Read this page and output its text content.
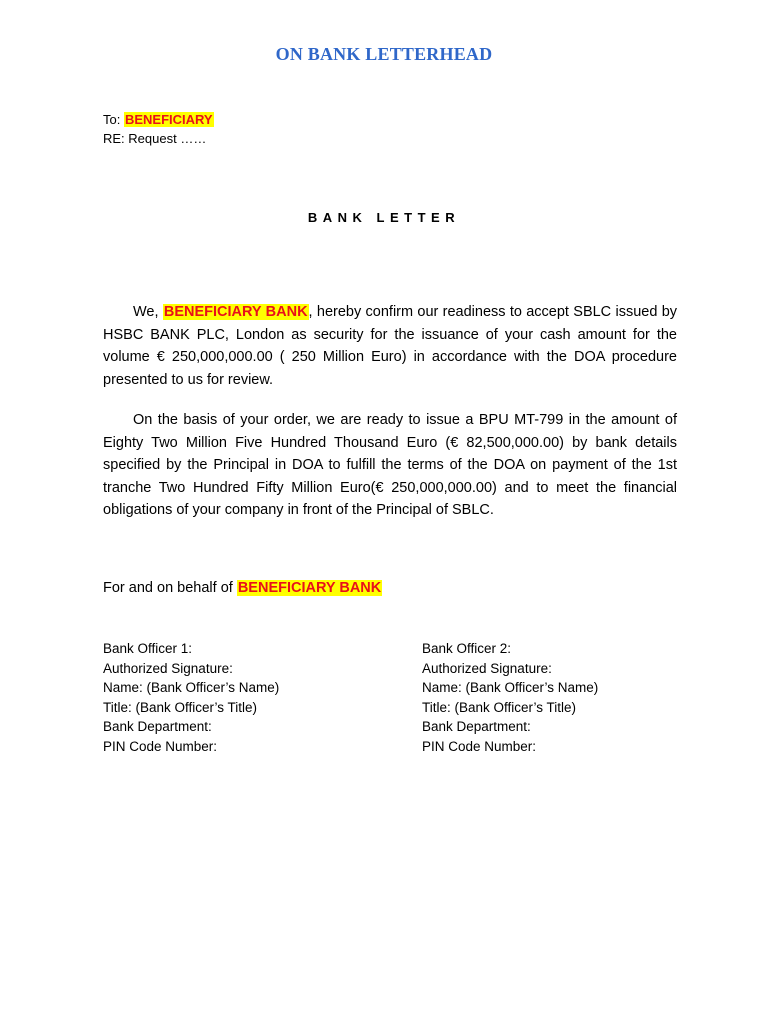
ON BANK LETTERHEAD
To: BENEFICIARY
RE: Request ……
BANK LETTER

We, BENEFICIARY BANK, hereby confirm our readiness to accept SBLC issued by HSBC BANK PLC, London as security for the issuance of your cash amount for the volume € 250,000,000.00 ( 250 Million Euro) in accordance with the DOA procedure presented to us for review.

On the basis of your order, we are ready to issue a BPU MT-799 in the amount of Eighty Two Million Five Hundred Thousand Euro (€ 82,500,000.00) by bank details specified by the Principal in DOA to fulfill the terms of the DOA on payment of the 1st tranche Two Hundred Fifty Million Euro(€ 250,000,000.00) and to meet the financial obligations of your company in front of the Principal of SBLC.

For and on behalf of BENEFICIARY BANK
Bank Officer 1:
Authorized Signature:
Name: (Bank Officer’s Name)
Title: (Bank Officer’s Title)
Bank Department:
PIN Code Number:
Bank Officer 2:
Authorized Signature:
Name: (Bank Officer’s Name)
Title: (Bank Officer’s Title)
Bank Department:
PIN Code Number:
